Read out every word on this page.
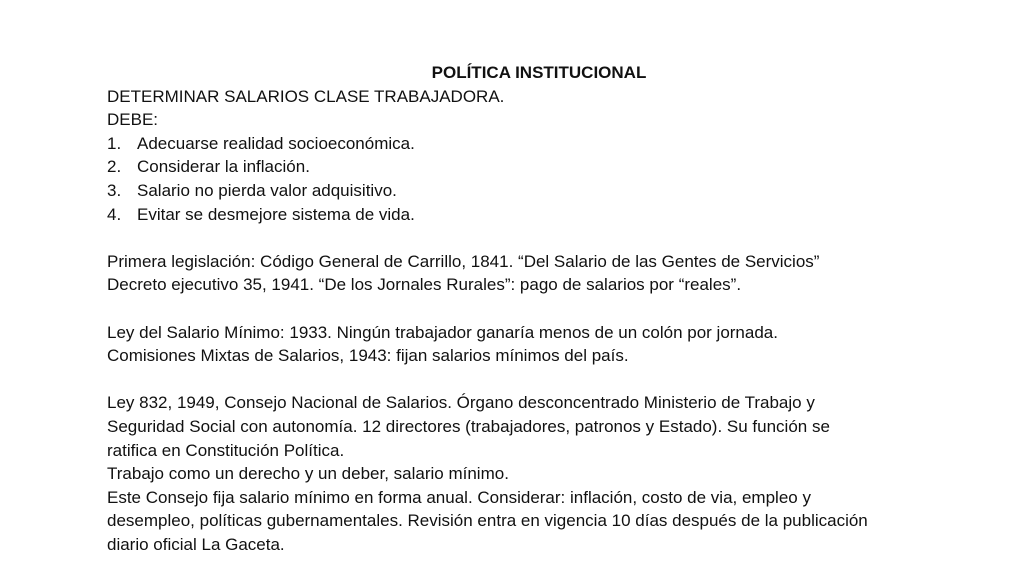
POLÍTICA INSTITUCIONAL
DETERMINAR SALARIOS CLASE TRABAJADORA.
DEBE:
1. Adecuarse realidad socioeconómica.
2. Considerar la inflación.
3. Salario no pierda valor adquisitivo.
4. Evitar se desmejore sistema de vida.
Primera legislación: Código General de Carrillo, 1841. “Del Salario de las Gentes de Servicios”
Decreto ejecutivo 35, 1941. “De los Jornales Rurales”: pago de salarios por “reales”.
Ley del Salario Mínimo: 1933. Ningún trabajador ganaría menos de un colón por jornada.
Comisiones Mixtas de Salarios, 1943: fijan salarios mínimos del país.
Ley 832, 1949, Consejo Nacional de Salarios. Órgano desconcentrado Ministerio de Trabajo y
Seguridad Social con autonomía. 12 directores (trabajadores, patronos y Estado). Su función se
ratifica en Constitución Política.
Trabajo como un derecho y un deber, salario mínimo.
Este Consejo fija salario mínimo en forma anual. Considerar: inflación, costo de via, empleo y
desempleo, políticas gubernamentales. Revisión entra en vigencia 10 días después de la publicación
diario oficial La Gaceta.
